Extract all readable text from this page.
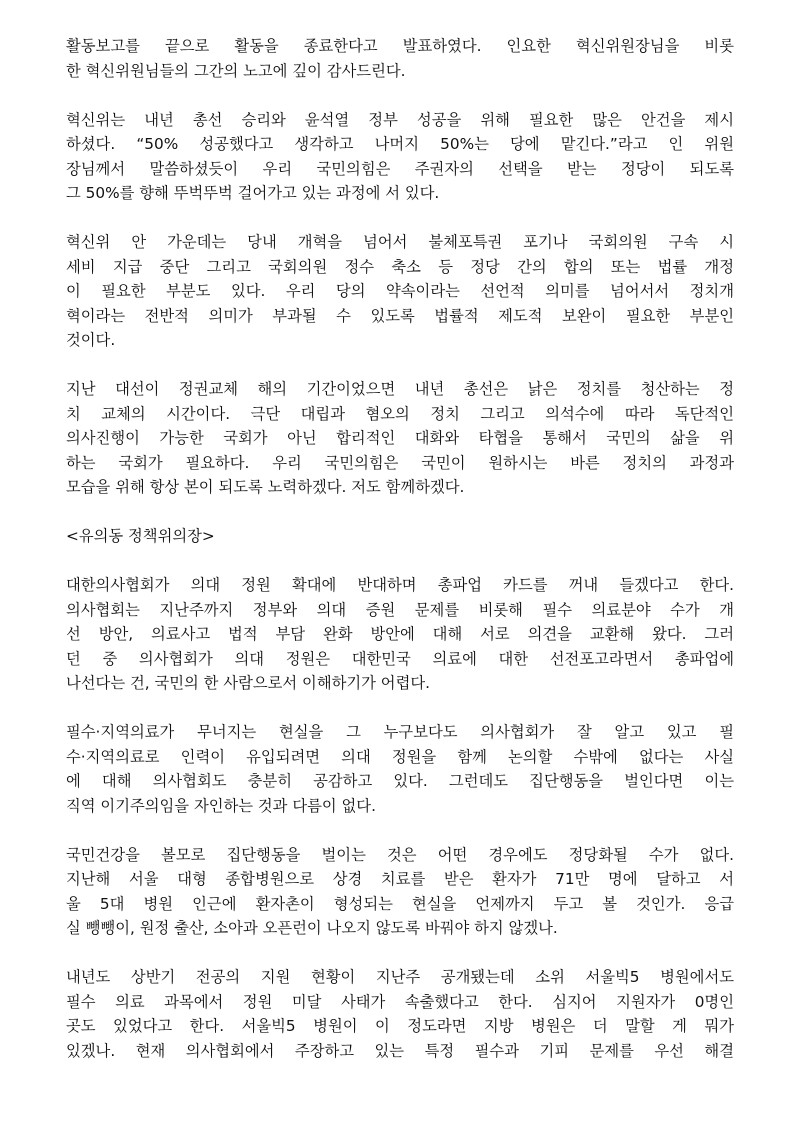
활동보고를 끝으로 활동을 종료한다고 발표하였다. 인요한 혁신위원장님을 비롯
한 혁신위원님들의 그간의 노고에 깊이 감사드린다.
혁신위는 내년 총선 승리와 윤석열 정부 성공을 위해 필요한 많은 안건을 제시
하셨다. “50% 성공했다고 생각하고 나머지 50%는 당에 맡긴다.”라고 인 위원
장님께서 말씀하셨듯이 우리 국민의힘은 주권자의 선택을 받는 정당이 되도록
그 50%를 향해 뚜벅뚜벅 걸어가고 있는 과정에 서 있다.
혁신위 안 가운데는 당내 개혁을 넘어서 불체포특권 포기나 국회의원 구속 시
세비 지급 중단 그리고 국회의원 정수 축소 등 정당 간의 합의 또는 법률 개정
이 필요한 부분도 있다. 우리 당의 약속이라는 선언적 의미를 넘어서서 정치개
혁이라는 전반적 의미가 부과될 수 있도록 법률적 제도적 보완이 필요한 부분인
것이다.
지난 대선이 정권교체 해의 기간이었으면 내년 총선은 낡은 정치를 청산하는 정
치 교체의 시간이다. 극단 대립과 혐오의 정치 그리고 의석수에 따라 독단적인
의사진행이 가능한 국회가 아닌 합리적인 대화와 타협을 통해서 국민의 삶을 위
하는 국회가 필요하다. 우리 국민의힘은 국민이 원하시는 바른 정치의 과정과
모습을 위해 항상 본이 되도록 노력하겠다. 저도 함께하겠다.
<유의동 정책위의장>
대한의사협회가 의대 정원 확대에 반대하며 총파업 카드를 꺼내 들겠다고 한다.
의사협회는 지난주까지 정부와 의대 증원 문제를 비롯해 필수 의료분야 수가 개
선 방안, 의료사고 법적 부담 완화 방안에 대해 서로 의견을 교환해 왔다. 그러
던 중 의사협회가 의대 정원은 대한민국 의료에 대한 선전포고라면서 총파업에
나선다는 건, 국민의 한 사람으로서 이해하기가 어렵다.
필수·지역의료가 무너지는 현실을 그 누구보다도 의사협회가 잘 알고 있고 필
수·지역의료로 인력이 유입되려면 의대 정원을 함께 논의할 수밖에 없다는 사실
에 대해 의사협회도 충분히 공감하고 있다. 그런데도 집단행동을 벌인다면 이는
직역 이기주의임을 자인하는 것과 다름이 없다.
국민건강을 볼모로 집단행동을 벌이는 것은 어떤 경우에도 정당화될 수가 없다.
지난해 서울 대형 종합병원으로 상경 치료를 받은 환자가 71만 명에 달하고 서
울 5대 병원 인근에 환자촌이 형성되는 현실을 언제까지 두고 볼 것인가. 응급
실 뺑뺑이, 원정 출산, 소아과 오픈런이 나오지 않도록 바꿔야 하지 않겠나.
내년도 상반기 전공의 지원 현황이 지난주 공개됐는데 소위 서울빅5 병원에서도
필수 의료 과목에서 정원 미달 사태가 속출했다고 한다. 심지어 지원자가 0명인
곳도 있었다고 한다. 서울빅5 병원이 이 정도라면 지방 병원은 더 말할 게 뭐가
있겠나. 현재 의사협회에서 주장하고 있는 특정 필수과 기피 문제를 우선 해결
